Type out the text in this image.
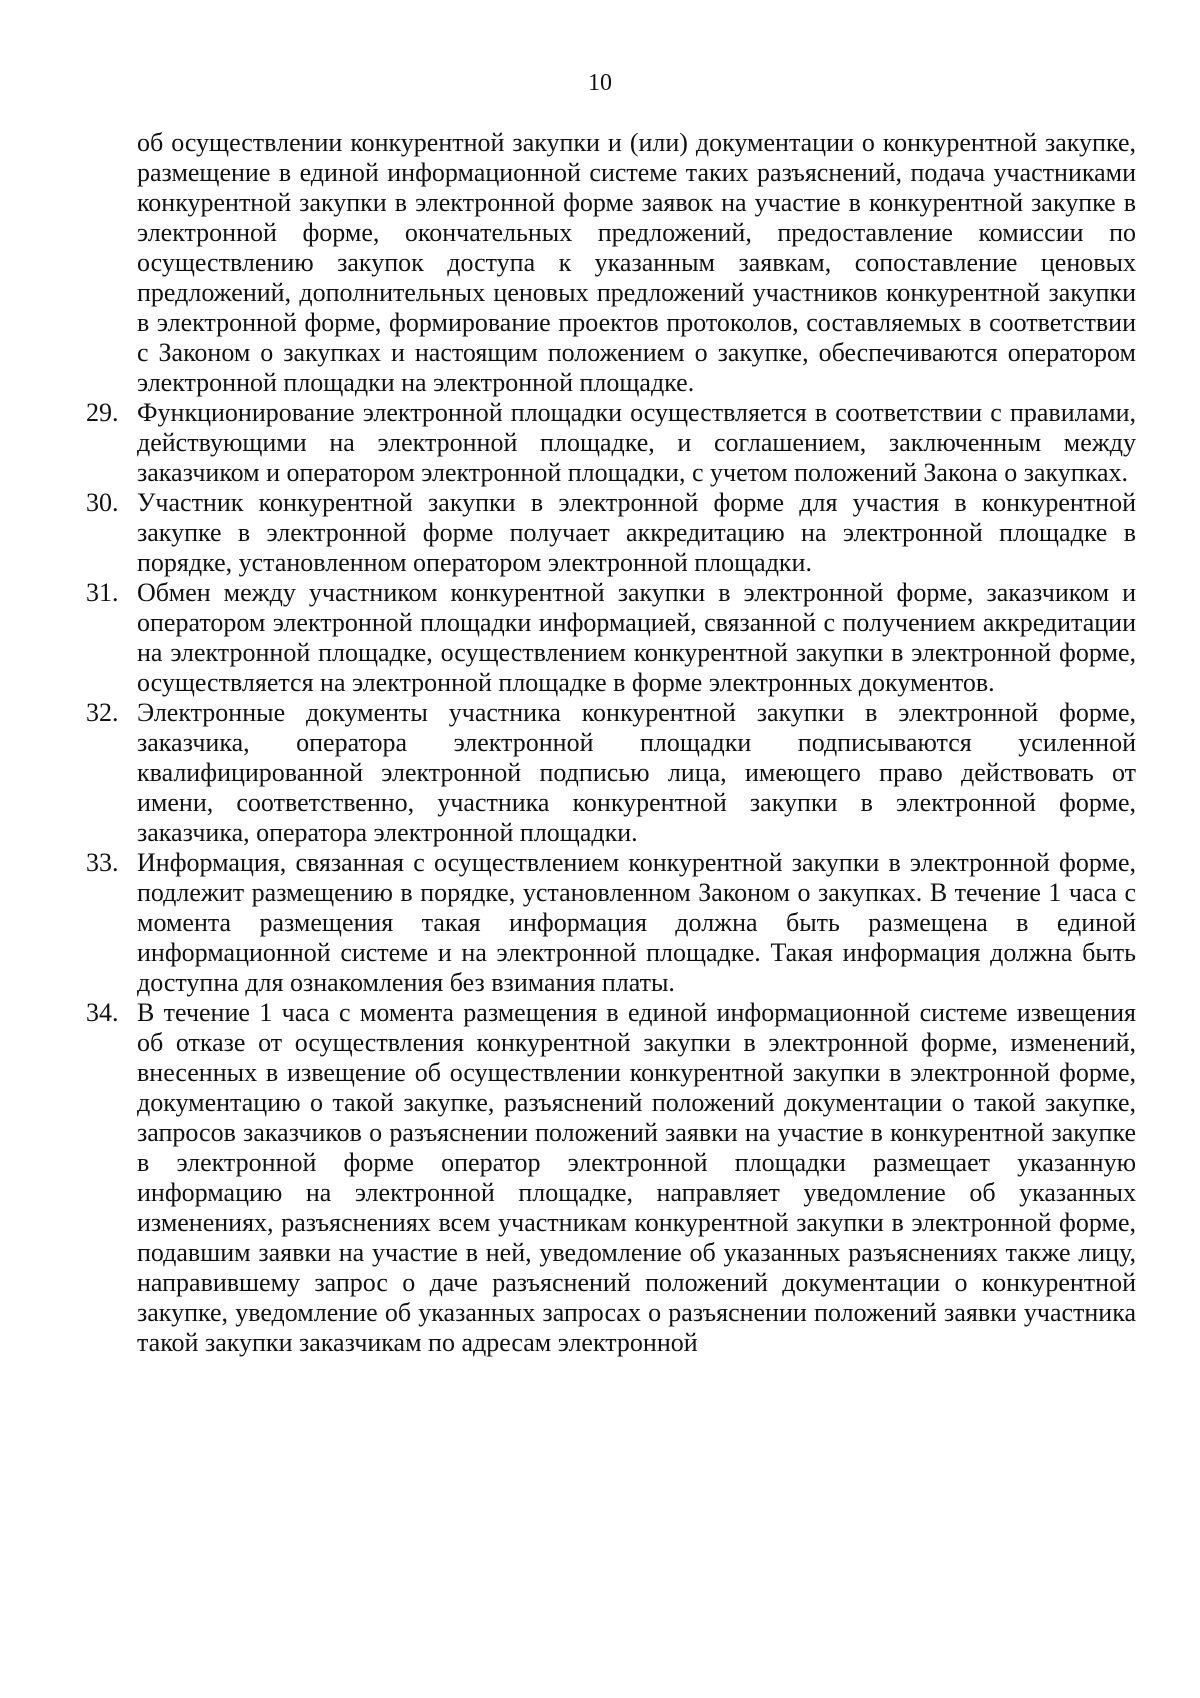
10

об осуществлении конкурентной закупки и (или) документации о конкурентной закупке, размещение в единой информационной системе таких разъяснений, подача участниками конкурентной закупки в электронной форме заявок на участие в конкурентной закупке в электронной форме, окончательных предложений, предоставление комиссии по осуществлению закупок доступа к указанным заявкам, сопоставление ценовых предложений, дополнительных ценовых предложений участников конкурентной закупки в электронной форме, формирование проектов протоколов, составляемых в соответствии с Законом о закупках и настоящим положением о закупке, обеспечиваются оператором электронной площадки на электронной площадке.

29. Функционирование электронной площадки осуществляется в соответствии с правилами, действующими на электронной площадке, и соглашением, заключенным между заказчиком и оператором электронной площадки, с учетом положений Закона о закупках.
30. Участник конкурентной закупки в электронной форме для участия в конкурентной закупке в электронной форме получает аккредитацию на электронной площадке в порядке, установленном оператором электронной площадки.
31. Обмен между участником конкурентной закупки в электронной форме, заказчиком и оператором электронной площадки информацией, связанной с получением аккредитации на электронной площадке, осуществлением конкурентной закупки в электронной форме, осуществляется на электронной площадке в форме электронных документов.
32. Электронные документы участника конкурентной закупки в электронной форме, заказчика, оператора электронной площадки подписываются усиленной квалифицированной электронной подписью лица, имеющего право действовать от имени, соответственно, участника конкурентной закупки в электронной форме, заказчика, оператора электронной площадки.
33. Информация, связанная с осуществлением конкурентной закупки в электронной форме, подлежит размещению в порядке, установленном Законом о закупках. В течение 1 часа с момента размещения такая информация должна быть размещена в единой информационной системе и на электронной площадке. Такая информация должна быть доступна для ознакомления без взимания платы.
34. В течение 1 часа с момента размещения в единой информационной системе извещения об отказе от осуществления конкурентной закупки в электронной форме, изменений, внесенных в извещение об осуществлении конкурентной закупки в электронной форме, документацию о такой закупке, разъяснений положений документации о такой закупке, запросов заказчиков о разъяснении положений заявки на участие в конкурентной закупке в электронной форме оператор электронной площадки размещает указанную информацию на электронной площадке, направляет уведомление об указанных изменениях, разъяснениях всем участникам конкурентной закупки в электронной форме, подавшим заявки на участие в ней, уведомление об указанных разъяснениях также лицу, направившему запрос о даче разъяснений положений документации о конкурентной закупке, уведомление об указанных запросах о разъяснении положений заявки участника такой закупки заказчикам по адресам электронной
